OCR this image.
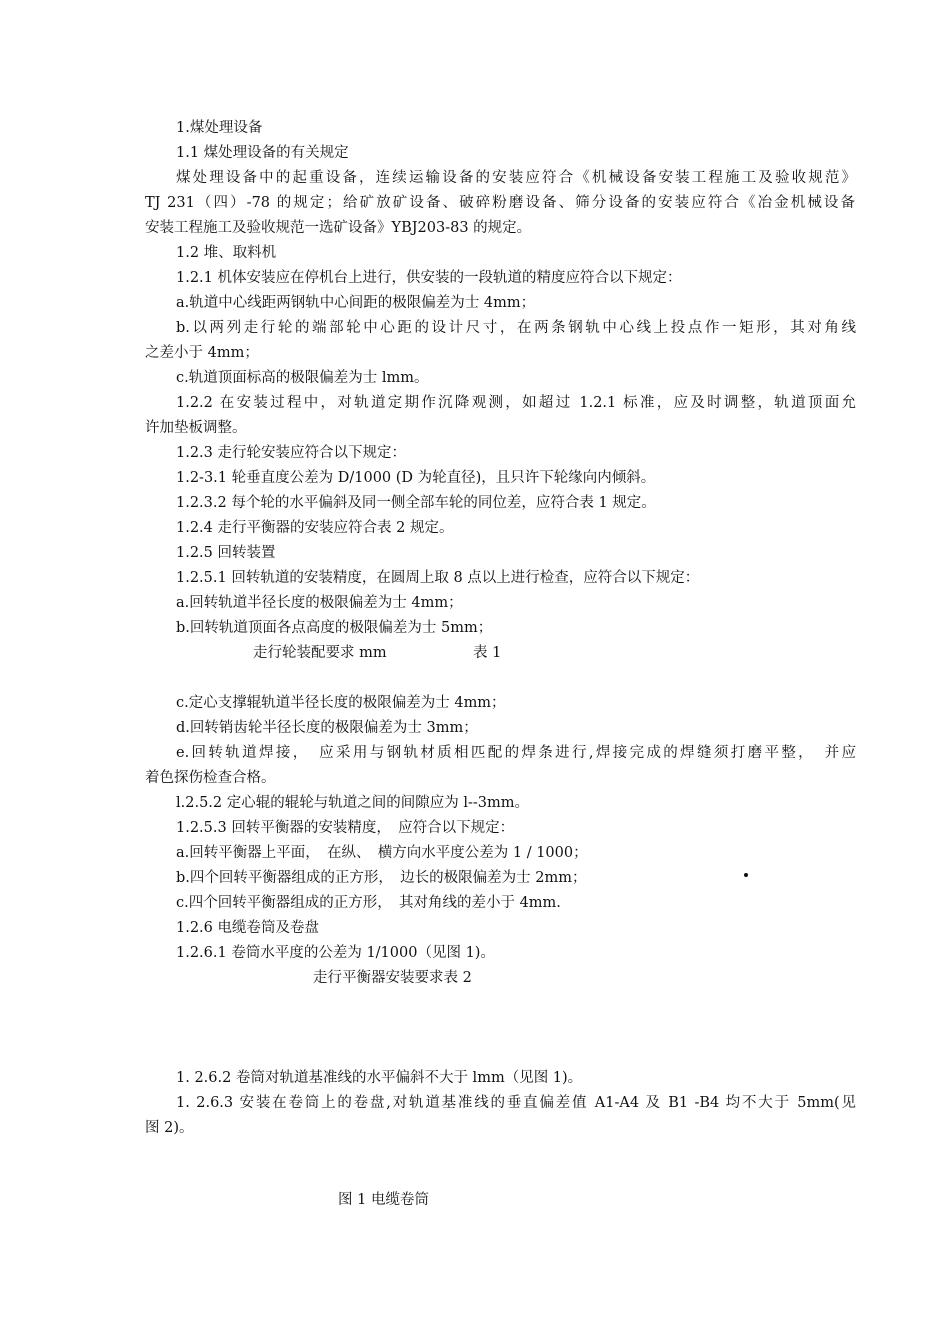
1.煤处理设备

1.1 煤处理设备的有关规定

煤处理设备中的起重设备，连续运输设备的安装应符合《机械设备安装工程施工及验收规范》

TJ 231（四）-78 的规定；给矿放矿设备、破碎粉磨设备、筛分设备的安装应符合《冶金机械设备

安装工程施工及验收规范一选矿设备》YBJ203-83 的规定。

1.2 堆、取料机

1.2.1 机体安装应在停机台上进行，供安装的一段轨道的精度应符合以下规定：

a.轨道中心线距两钢轨中心间距的极限偏差为士 4mm；

b.以两列走行轮的端部轮中心距的设计尺寸，在两条钢轨中心线上投点作一矩形，其对角线

之差小于 4mm；

c.轨道顶面标高的极限偏差为士 lmm。

1.2.2 在安装过程中，对轨道定期作沉降观测，如超过 1.2.1 标准，应及时调整，轨道顶面允

许加垫板调整。

1.2.3 走行轮安装应符合以下规定：

1.2-3.1 轮垂直度公差为 D/1000 (D 为轮直径)，且只许下轮缘向内倾斜。

1.2.3.2 每个轮的水平偏斜及同一侧全部车轮的同位差，应符合表 1 规定。

1.2.4 走行平衡器的安装应符合表 2 规定。

1.2.5 回转装置

1.2.5.1 回转轨道的安装精度，在圆周上取 8 点以上进行检查，应符合以下规定：

a.回转轨道半径长度的极限偏差为士 4mm；

b.回转轨道顶面各点高度的极限偏差为士 5mm；

走行轮装配要求 mm	表 1

c.定心支撑辊轨道半径长度的极限偏差为士 4mm；

d.回转销齿轮半径长度的极限偏差为士 3mm；

e.回转轨道焊接，　应采用与钢轨材质相匹配的焊条进行,焊接完成的焊缝须打磨平整，　并应

着色探伤检查合格。

l.2.5.2 定心辊的辊轮与轨道之间的间隙应为 l--3mm。

1.2.5.3 回转平衡器的安装精度，　应符合以下规定：

a.回转平衡器上平面，　在纵、　横方向水平度公差为 1 / 1000；

b.四个回转平衡器组成的正方形，　边长的极限偏差为士 2mm；

c.四个回转平衡器组成的正方形，　其对角线的差小于 4mm.

1.2.6 电缆卷筒及卷盘

1.2.6.1 卷筒水平度的公差为 1/1000（见图 1)。

走行平衡器安装要求表 2

1. 2.6.2 卷筒对轨道基准线的水平偏斜不大于 lmm（见图 1)。

1. 2.6.3 安装在卷筒上的卷盘,对轨道基准线的垂直偏差值 A1-A4 及 B1 -B4 均不大于 5mm(见

图 2)。

图 1 电缆卷筒
